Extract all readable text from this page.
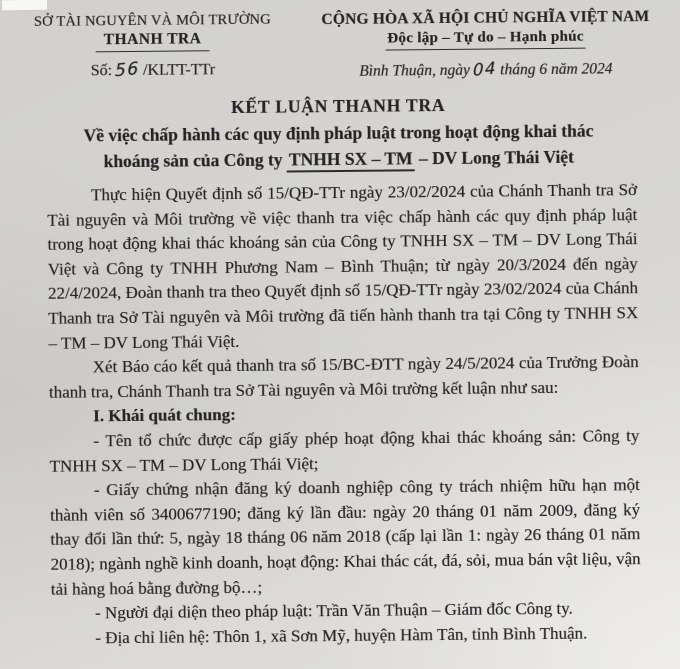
SỞ TÀI NGUYÊN VÀ MÔI TRƯỜNG
THANH TRA
Số: 56 /KLTT-TTr
CỘNG HÒA XÃ HỘI CHỦ NGHĨA VIỆT NAM
Độc lập – Tự do – Hạnh phúc
Bình Thuận, ngày 04 tháng 6 năm 2024
KẾT LUẬN THANH TRA
Về việc chấp hành các quy định pháp luật trong hoạt động khai thác
khoáng sản của Công ty TNHH SX – TM – DV Long Thái Việt

Thực hiện Quyết định số 15/QĐ-TTr ngày 23/02/2024 của Chánh Thanh tra Sở Tài nguyên và Môi trường về việc thanh tra việc chấp hành các quy định pháp luật trong hoạt động khai thác khoáng sản của Công ty TNHH SX – TM – DV Long Thái Việt và Công ty TNHH Phương Nam – Bình Thuận; từ ngày 20/3/2024 đến ngày 22/4/2024, Đoàn thanh tra theo Quyết định số 15/QĐ-TTr ngày 23/02/2024 của Chánh Thanh tra Sở Tài nguyên và Môi trường đã tiến hành thanh tra tại Công ty TNHH SX – TM – DV Long Thái Việt.

Xét Báo cáo kết quả thanh tra số 15/BC-ĐTT ngày 24/5/2024 của Trưởng Đoàn thanh tra, Chánh Thanh tra Sở Tài nguyên và Môi trường kết luận như sau:

I. Khái quát chung:

- Tên tổ chức được cấp giấy phép hoạt động khai thác khoáng sản: Công ty TNHH SX – TM – DV Long Thái Việt;

- Giấy chứng nhận đăng ký doanh nghiệp công ty trách nhiệm hữu hạn một thành viên số 3400677190; đăng ký lần đầu: ngày 20 tháng 01 năm 2009, đăng ký thay đổi lần thứ: 5, ngày 18 tháng 06 năm 2018 (cấp lại lần 1: ngày 26 tháng 01 năm 2018); ngành nghề kinh doanh, hoạt động: Khai thác cát, đá, sỏi, mua bán vật liệu, vận tải hàng hoá bằng đường bộ…;

- Người đại diện theo pháp luật: Trần Văn Thuận – Giám đốc Công ty.

- Địa chỉ liên hệ: Thôn 1, xã Sơn Mỹ, huyện Hàm Tân, tỉnh Bình Thuận.
